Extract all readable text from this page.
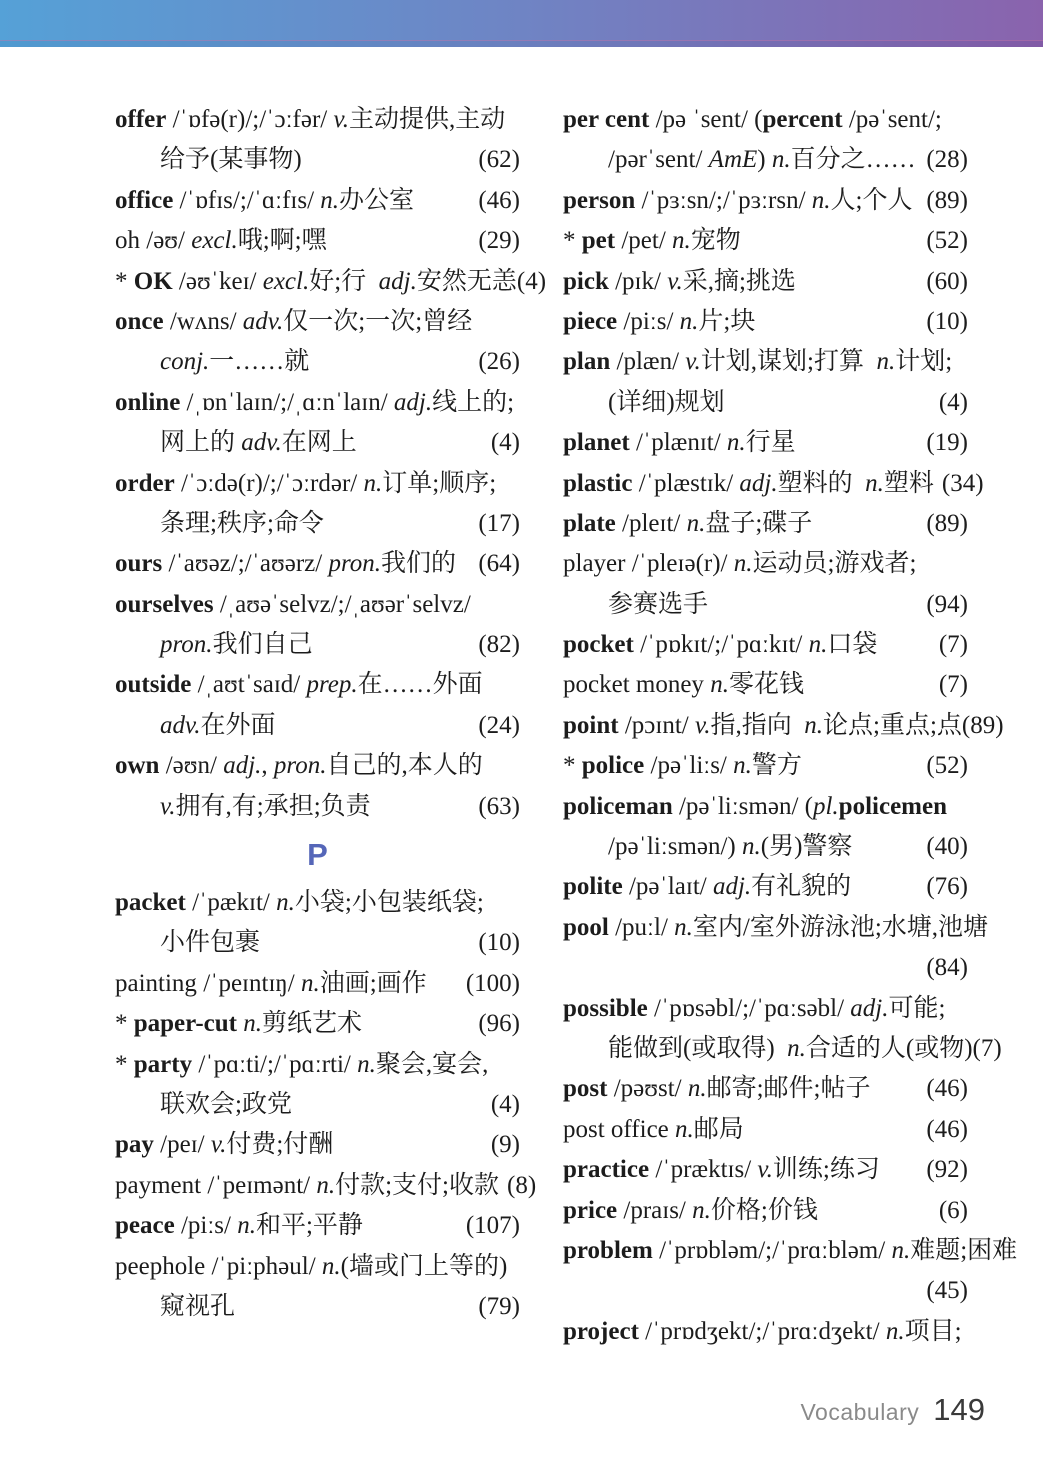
offer /ˈɒfə(r)/;/ˈɔːfər/ v.主动提供,主动
给予(某事物)	(62)
office /ˈɒfɪs/;/ˈɑːfɪs/ n.办公室	(46)
oh /əʊ/ excl.哦;啊;嘿	(29)
* OK /əʊˈkeɪ/ excl.好;行  adj.安然无恙(4)
once /wʌns/ adv.仅一次;一次;曾经
conj.一……就	(26)
online /ˌɒnˈlaɪn/;/ˌɑːnˈlaɪn/ adj.线上的;
网上的 adv.在网上	(4)
order /ˈɔːdə(r)/;/ˈɔːrdər/ n.订单;顺序;
条理;秩序;命令	(17)
ours /ˈaʊəz/;/ˈaʊərz/ pron.我们的 (64)
ourselves /ˌaʊəˈselvz/;/ˌaʊərˈselvz/
pron.我们自己	(82)
outside /ˌaʊtˈsaɪd/ prep.在……外面
adv.在外面	(24)
own /əʊn/ adj., pron.自己的,本人的
v.拥有,有;承担;负责	(63)
P
packet /ˈpækɪt/ n.小袋;小包装纸袋;
小件包裹	(10)
painting /ˈpeɪntɪŋ/ n.油画;画作	(100)
* paper-cut n.剪纸艺术	(96)
* party /ˈpɑːti/;/ˈpɑːrti/ n.聚会,宴会,
联欢会;政党	(4)
pay /peɪ/ v.付费;付酬	(9)
payment /ˈpeɪmənt/ n.付款;支付;收款 (8)
peace /piːs/ n.和平;平静	(107)
peephole /ˈpiːphəul/ n.(墙或门上等的)
窥视孔	(79)
per cent /pə ˈsent/ (percent /pəˈsent/;
/pərˈsent/ AmE) n.百分之…… (28)
person /ˈpɜːsn/;/ˈpɜːrsn/ n.人;个人 (89)
* pet /pet/ n.宠物	(52)
pick /pɪk/ v.采,摘;挑选	(60)
piece /piːs/ n.片;块	(10)
plan /plæn/ v.计划,谋划;打算  n.计划;
(详细)规划	(4)
planet /ˈplænɪt/ n.行星	(19)
plastic /ˈplæstɪk/ adj.塑料的  n.塑料 (34)
plate /pleɪt/ n.盘子;碟子	(89)
player /ˈpleɪə(r)/ n.运动员;游戏者;
参赛选手	(94)
pocket /ˈpɒkɪt/;/ˈpɑːkɪt/ n.口袋	(7)
pocket money n.零花钱	(7)
point /pɔɪnt/ v.指,指向  n.论点;重点;点(89)
* police /pəˈliːs/ n.警方	(52)
policeman /pəˈliːsmən/ (pl.policemen
/pəˈliːsmən/) n.(男)警察	(40)
polite /pəˈlaɪt/ adj.有礼貌的	(76)
pool /puːl/ n.室内/室外游泳池;水塘,池塘
(84)
possible /ˈpɒsəbl/;/ˈpɑːsəbl/ adj.可能;
能做到(或取得)  n.合适的人(或物)(7)
post /pəʊst/ n.邮寄;邮件;帖子	(46)
post office n.邮局	(46)
practice /ˈpræktɪs/ v.训练;练习	(92)
price /praɪs/ n.价格;价钱	(6)
problem /ˈprɒbləm/;/ˈprɑːbləm/ n.难题;困难
(45)
project /ˈprɒdʒekt/;/ˈprɑːdʒekt/ n.项目;
Vocabulary 149
